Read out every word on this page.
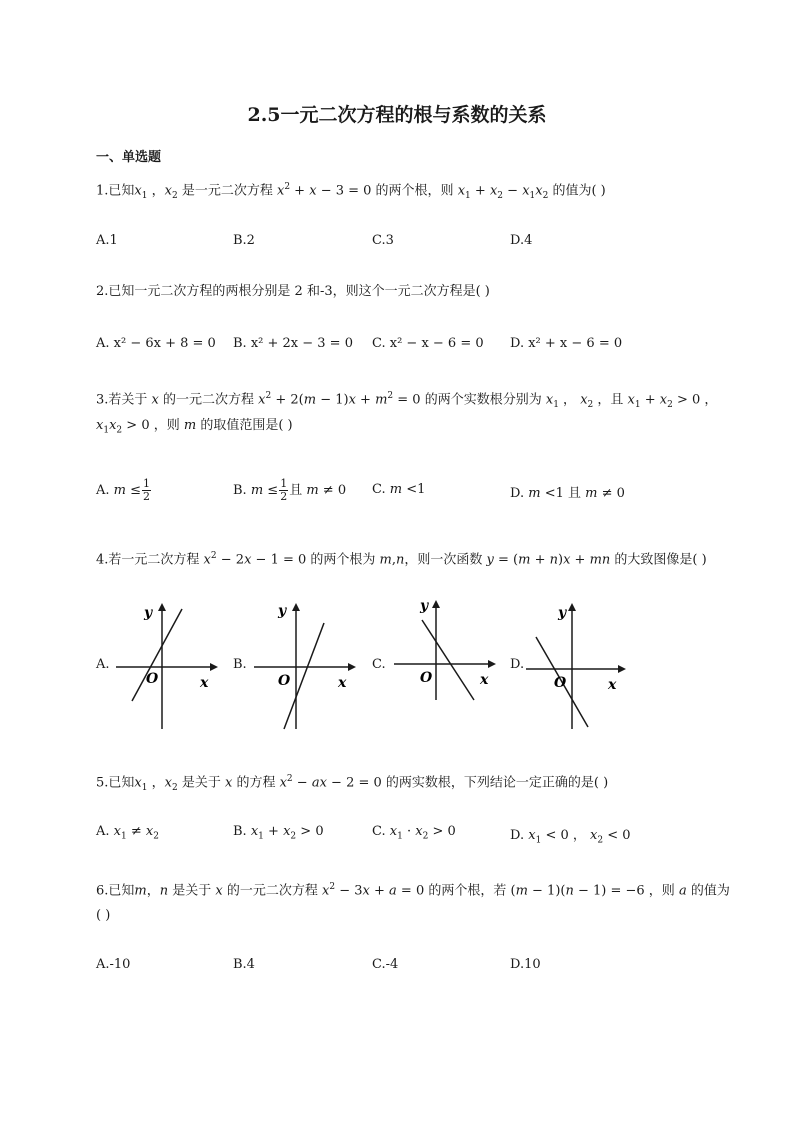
2.5一元二次方程的根与系数的关系
一、单选题
1.已知$x_1$ ，$x_2$ 是一元二次方程 $x^2 + x - 3 = 0$ 的两个根，则 $x_1 + x_2 - x_1x_2$ 的值为( )
A.1	B.2	C.3	D.4
2.已知一元二次方程的两根分别是 2 和-3，则这个一元二次方程是( )
A. x² − 6x + 8 = 0 B. x² + 2x − 3 = 0 C. x² − x − 6 = 0 D. x² + x − 6 = 0
3.若关于 x 的一元二次方程 $x^2 + 2(m - 1)x + m^2 = 0$ 的两个实数根分别为 $x_1$ ， $x_2$ ，且 $x_1 + x_2 > 0$ ，
$x_1x_2 > 0$ ，则 m 的取值范围是( )
A. $m \le \frac{1}{2}$	B. $m \le \frac{1}{2}$ 且 m ≠ 0 C. m <1	D. m <1 且 m ≠ 0
4.若一元二次方程 $x^2 - 2x - 1 = 0$ 的两个根为 m,n，则一次函数 y = (m + n)x + mn 的大致图像是( )
A.
y
O	x
B.
y
O	x
C.
y
O	x
D.
y
O	x
5.已知$x_1$ ，$x_2$ 是关于 x 的方程 $x^2$ − ax − 2 = 0 的两实数根，下列结论一定正确的是( )
A. $x_1 \ne x_2$	B. $x_1 + x_2 > 0$	C. $x_1 \cdot x_2 > 0$	D. $x_1 < 0$ ， $x_2 < 0$
6.已知m，n 是关于 x 的一元二次方程 $x^2 - 3x + a = 0$ 的两个根，若 (m − 1)(n − 1) = −6 ，则 a 的值为
( )
A.-10	B.4	C.-4	D.10
